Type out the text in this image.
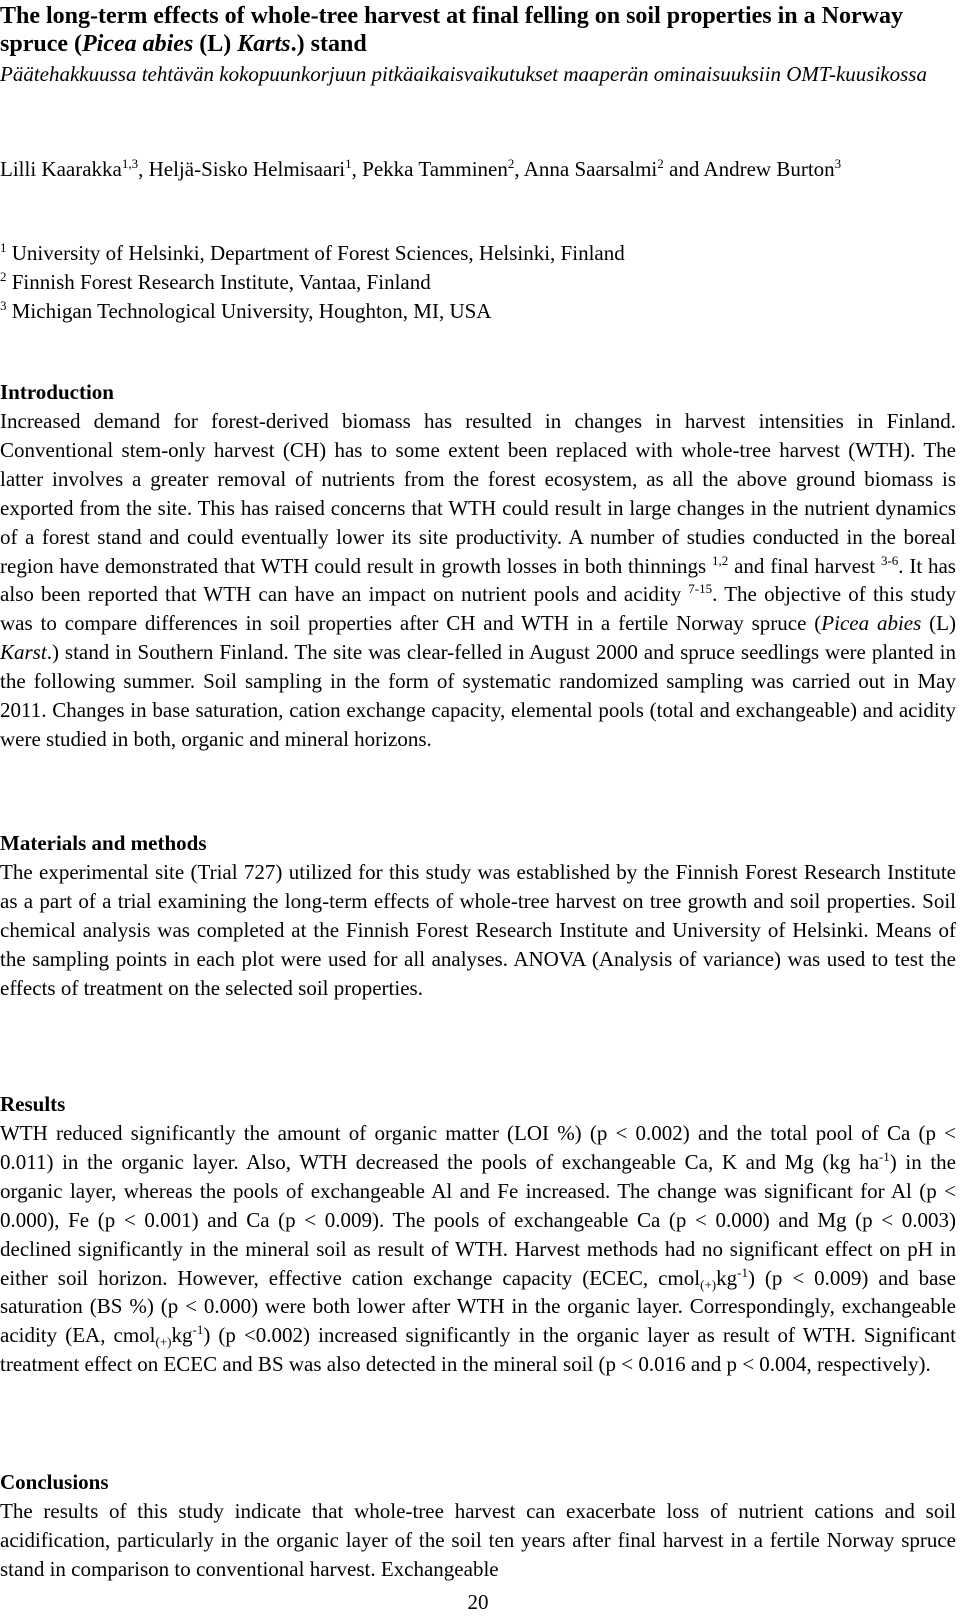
The long-term effects of whole-tree harvest at final felling on soil properties in a Norway spruce (Picea abies (L) Karts.) stand
Päätehakkuussa tehtävän kokopuunkorjuun pitkäaikaisvaikutukset maaperän ominaisuuksiin OMT-kuusikossa
Lilli Kaarakka$^{1,3}$, Heljä-Sisko Helmisaari$^1$, Pekka Tamminen$^2$, Anna Saarsalmi$^2$ and Andrew Burton$^3$
$^1$ University of Helsinki, Department of Forest Sciences, Helsinki, Finland
$^2$ Finnish Forest Research Institute, Vantaa, Finland
$^3$ Michigan Technological University, Houghton, MI, USA
Introduction
Increased demand for forest-derived biomass has resulted in changes in harvest intensities in Finland. Conventional stem-only harvest (CH) has to some extent been replaced with whole-tree harvest (WTH). The latter involves a greater removal of nutrients from the forest ecosystem, as all the above ground biomass is exported from the site. This has raised concerns that WTH could result in large changes in the nutrient dynamics of a forest stand and could eventually lower its site productivity. A number of studies conducted in the boreal region have demonstrated that WTH could result in growth losses in both thinnings $^{1,2}$ and final harvest $^{3-6}$. It has also been reported that WTH can have an impact on nutrient pools and acidity $^{7-15}$. The objective of this study was to compare differences in soil properties after CH and WTH in a fertile Norway spruce (Picea abies (L) Karst.) stand in Southern Finland. The site was clear-felled in August 2000 and spruce seedlings were planted in the following summer. Soil sampling in the form of systematic randomized sampling was carried out in May 2011. Changes in base saturation, cation exchange capacity, elemental pools (total and exchangeable) and acidity were studied in both, organic and mineral horizons.
Materials and methods
The experimental site (Trial 727) utilized for this study was established by the Finnish Forest Research Institute as a part of a trial examining the long-term effects of whole-tree harvest on tree growth and soil properties. Soil chemical analysis was completed at the Finnish Forest Research Institute and University of Helsinki. Means of the sampling points in each plot were used for all analyses. ANOVA (Analysis of variance) was used to test the effects of treatment on the selected soil properties.
Results
WTH reduced significantly the amount of organic matter (LOI %) (p < 0.002) and the total pool of Ca (p < 0.011) in the organic layer. Also, WTH decreased the pools of exchangeable Ca, K and Mg (kg $ha^{-1}$) in the organic layer, whereas the pools of exchangeable Al and Fe increased. The change was significant for Al (p < 0.000), Fe (p < 0.001) and Ca (p < 0.009). The pools of exchangeable Ca (p < 0.000) and Mg (p < 0.003) declined significantly in the mineral soil as result of WTH. Harvest methods had no significant effect on pH in either soil horizon. However, effective cation exchange capacity (ECEC, $cmol_{(+)}kg^{-1}$) (p < 0.009) and base saturation (BS %) (p < 0.000) were both lower after WTH in the organic layer. Correspondingly, exchangeable acidity (EA, $cmol_{(+)}kg^{-1}$) (p <0.002) increased significantly in the organic layer as result of WTH. Significant treatment effect on ECEC and BS was also detected in the mineral soil (p < 0.016 and p < 0.004, respectively).
Conclusions
The results of this study indicate that whole-tree harvest can exacerbate loss of nutrient cations and soil acidification, particularly in the organic layer of the soil ten years after final harvest in a fertile Norway spruce stand in comparison to conventional harvest. Exchangeable
20
